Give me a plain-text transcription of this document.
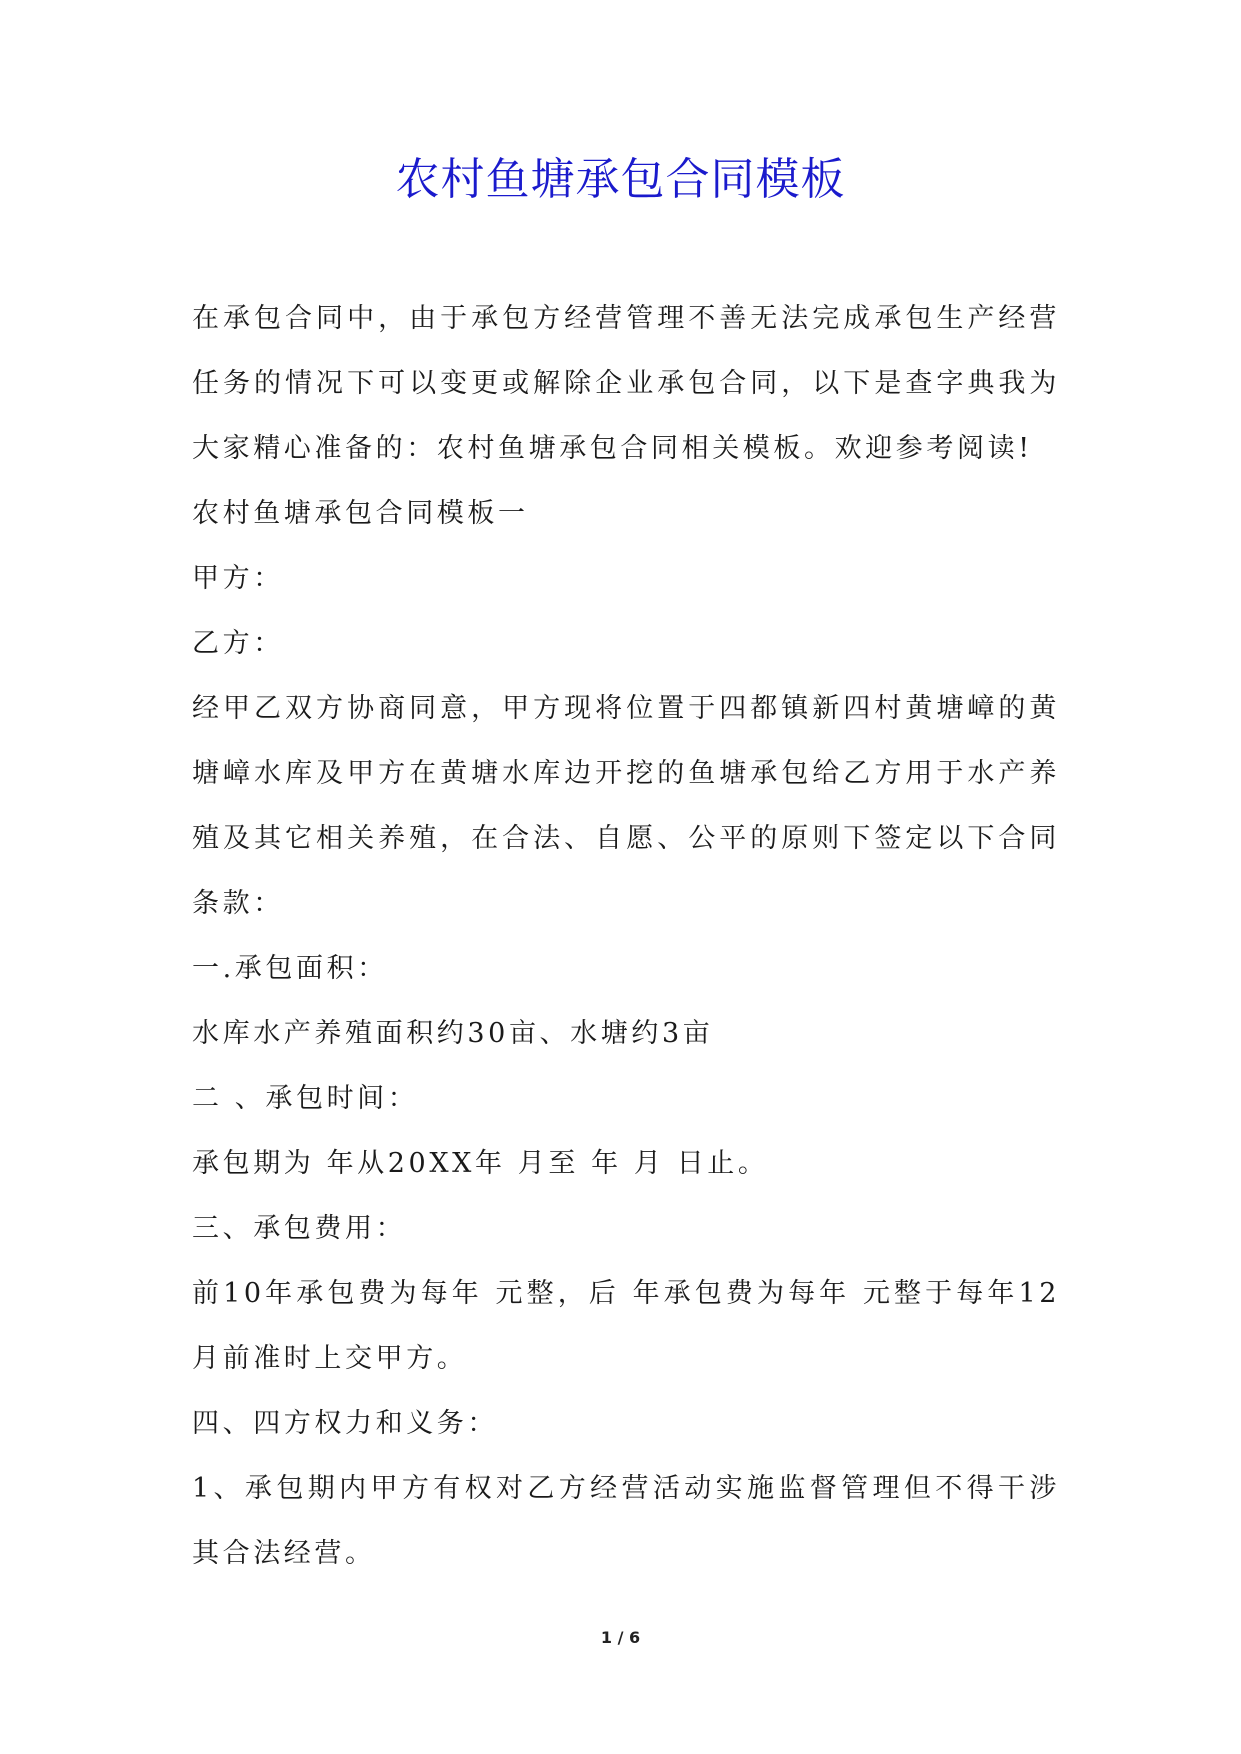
农村鱼塘承包合同模板

在承包合同中，由于承包方经营管理不善无法完成承包生产经营任务的情况下可以变更或解除企业承包合同，以下是查字典我为大家精心准备的：农村鱼塘承包合同相关模板。欢迎参考阅读!

农村鱼塘承包合同模板一

甲方：

乙方：

经甲乙双方协商同意，甲方现将位置于四都镇新四村黄塘嶂的黄塘嶂水库及甲方在黄塘水库边开挖的鱼塘承包给乙方用于水产养殖及其它相关养殖，在合法、自愿、公平的原则下签定以下合同条款：

一.承包面积：

水库水产养殖面积约30亩、水塘约3亩

二 、承包时间：

承包期为 年从20XX年 月至 年 月 日止。

三、承包费用：

前10年承包费为每年 元整，后 年承包费为每年 元整于每年12月前准时上交甲方。

四、四方权力和义务：

1、承包期内甲方有权对乙方经营活动实施监督管理但不得干涉其合法经营。

1 / 6
